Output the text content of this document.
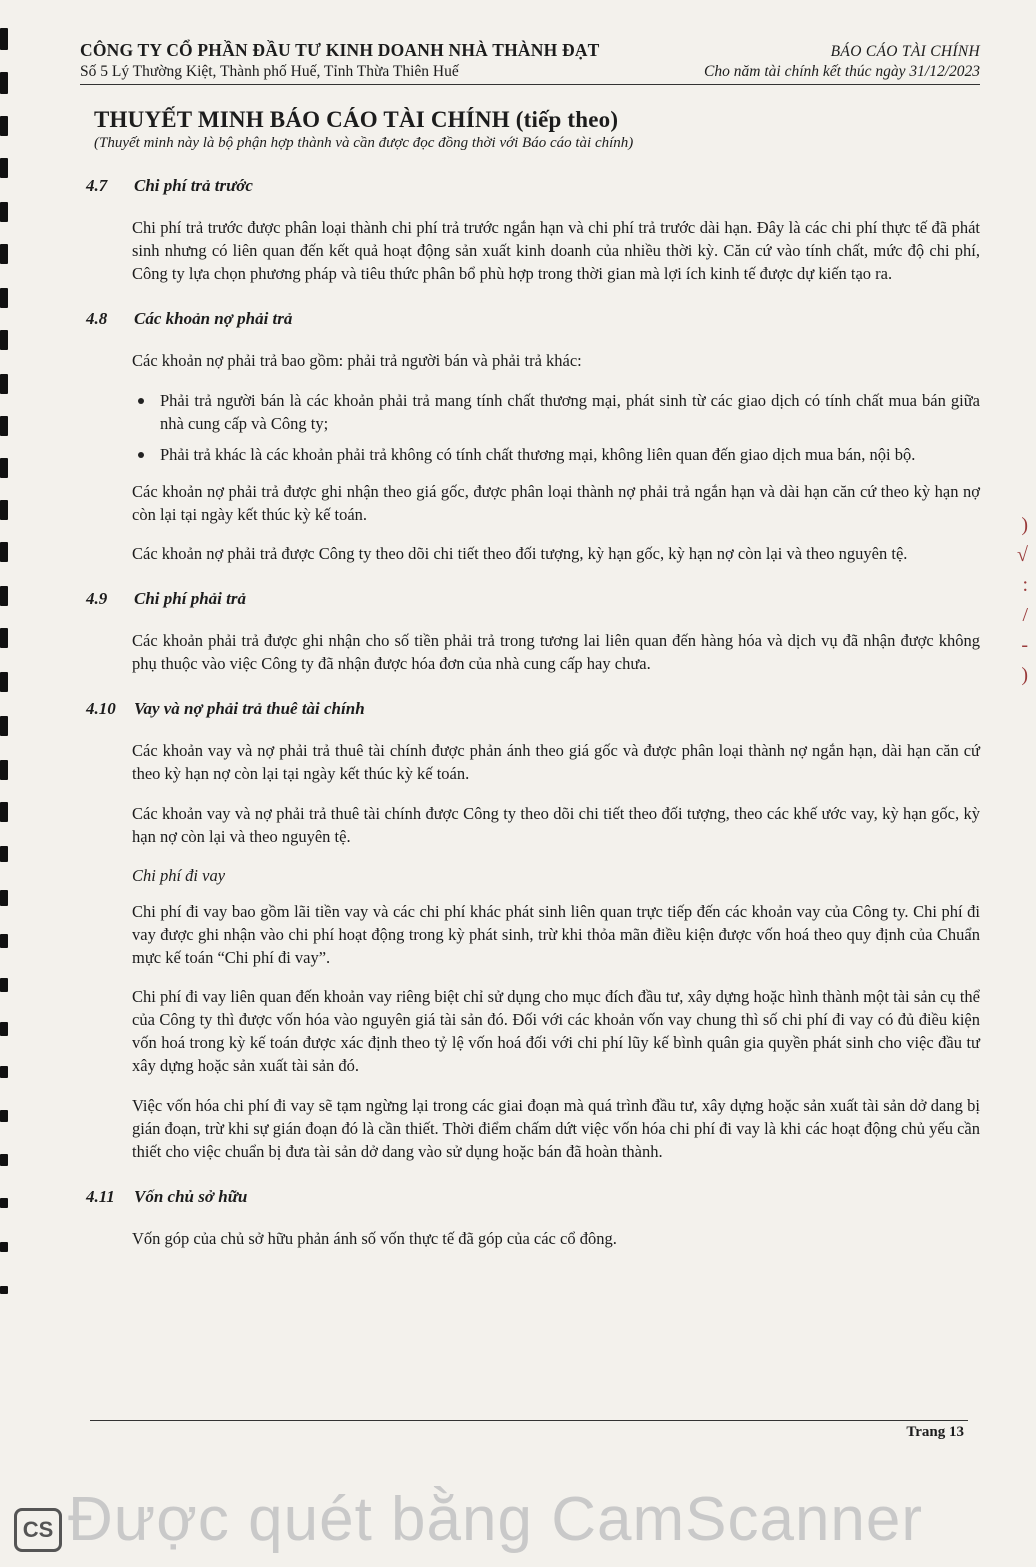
)
√
:
/
-
)
CÔNG TY CỔ PHẦN ĐẦU TƯ KINH DOANH NHÀ THÀNH ĐẠT	BÁO CÁO TÀI CHÍNH
Số 5 Lý Thường Kiệt, Thành phố Huế, Tỉnh Thừa Thiên Huế	Cho năm tài chính kết thúc ngày 31/12/2023
THUYẾT MINH BÁO CÁO TÀI CHÍNH (tiếp theo)
(Thuyết minh này là bộ phận hợp thành và cần được đọc đồng thời với Báo cáo tài chính)
4.7	Chi phí trả trước

Chi phí trả trước được phân loại thành chi phí trả trước ngắn hạn và chi phí trả trước dài hạn. Đây là các chi phí thực tế đã phát sinh nhưng có liên quan đến kết quả hoạt động sản xuất kinh doanh của nhiều thời kỳ. Căn cứ vào tính chất, mức độ chi phí, Công ty lựa chọn phương pháp và tiêu thức phân bổ phù hợp trong thời gian mà lợi ích kinh tế được dự kiến tạo ra.

4.8	Các khoản nợ phải trả

Các khoản nợ phải trả bao gồm: phải trả người bán và phải trả khác:

Phải trả người bán là các khoản phải trả mang tính chất thương mại, phát sinh từ các giao dịch có tính chất mua bán giữa nhà cung cấp và Công ty;
Phải trả khác là các khoản phải trả không có tính chất thương mại, không liên quan đến giao dịch mua bán, nội bộ.

Các khoản nợ phải trả được ghi nhận theo giá gốc, được phân loại thành nợ phải trả ngắn hạn và dài hạn căn cứ theo kỳ hạn nợ còn lại tại ngày kết thúc kỳ kế toán.

Các khoản nợ phải trả được Công ty theo dõi chi tiết theo đối tượng, kỳ hạn gốc, kỳ hạn nợ còn lại và theo nguyên tệ.

4.9	Chi phí phải trả

Các khoản phải trả được ghi nhận cho số tiền phải trả trong tương lai liên quan đến hàng hóa và dịch vụ đã nhận được không phụ thuộc vào việc Công ty đã nhận được hóa đơn của nhà cung cấp hay chưa.

4.10	Vay và nợ phải trả thuê tài chính

Các khoản vay và nợ phải trả thuê tài chính được phản ánh theo giá gốc và được phân loại thành nợ ngắn hạn, dài hạn căn cứ theo kỳ hạn nợ còn lại tại ngày kết thúc kỳ kế toán.

Các khoản vay và nợ phải trả thuê tài chính được Công ty theo dõi chi tiết theo đối tượng, theo các khế ước vay, kỳ hạn gốc, kỳ hạn nợ còn lại và theo nguyên tệ.

Chi phí đi vay

Chi phí đi vay bao gồm lãi tiền vay và các chi phí khác phát sinh liên quan trực tiếp đến các khoản vay của Công ty. Chi phí đi vay được ghi nhận vào chi phí hoạt động trong kỳ phát sinh, trừ khi thỏa mãn điều kiện được vốn hoá theo quy định của Chuẩn mực kế toán “Chi phí đi vay”.

Chi phí đi vay liên quan đến khoản vay riêng biệt chỉ sử dụng cho mục đích đầu tư, xây dựng hoặc hình thành một tài sản cụ thể của Công ty thì được vốn hóa vào nguyên giá tài sản đó. Đối với các khoản vốn vay chung thì số chi phí đi vay có đủ điều kiện vốn hoá trong kỳ kế toán được xác định theo tỷ lệ vốn hoá đối với chi phí lũy kế bình quân gia quyền phát sinh cho việc đầu tư xây dựng hoặc sản xuất tài sản đó.

Việc vốn hóa chi phí đi vay sẽ tạm ngừng lại trong các giai đoạn mà quá trình đầu tư, xây dựng hoặc sản xuất tài sản dở dang bị gián đoạn, trừ khi sự gián đoạn đó là cần thiết. Thời điểm chấm dứt việc vốn hóa chi phí đi vay là khi các hoạt động chủ yếu cần thiết cho việc chuẩn bị đưa tài sản dở dang vào sử dụng hoặc bán đã hoàn thành.

4.11	Vốn chủ sở hữu

Vốn góp của chủ sở hữu phản ánh số vốn thực tế đã góp của các cổ đông.

Trang 13
CS Được quét bằng CamScanner
